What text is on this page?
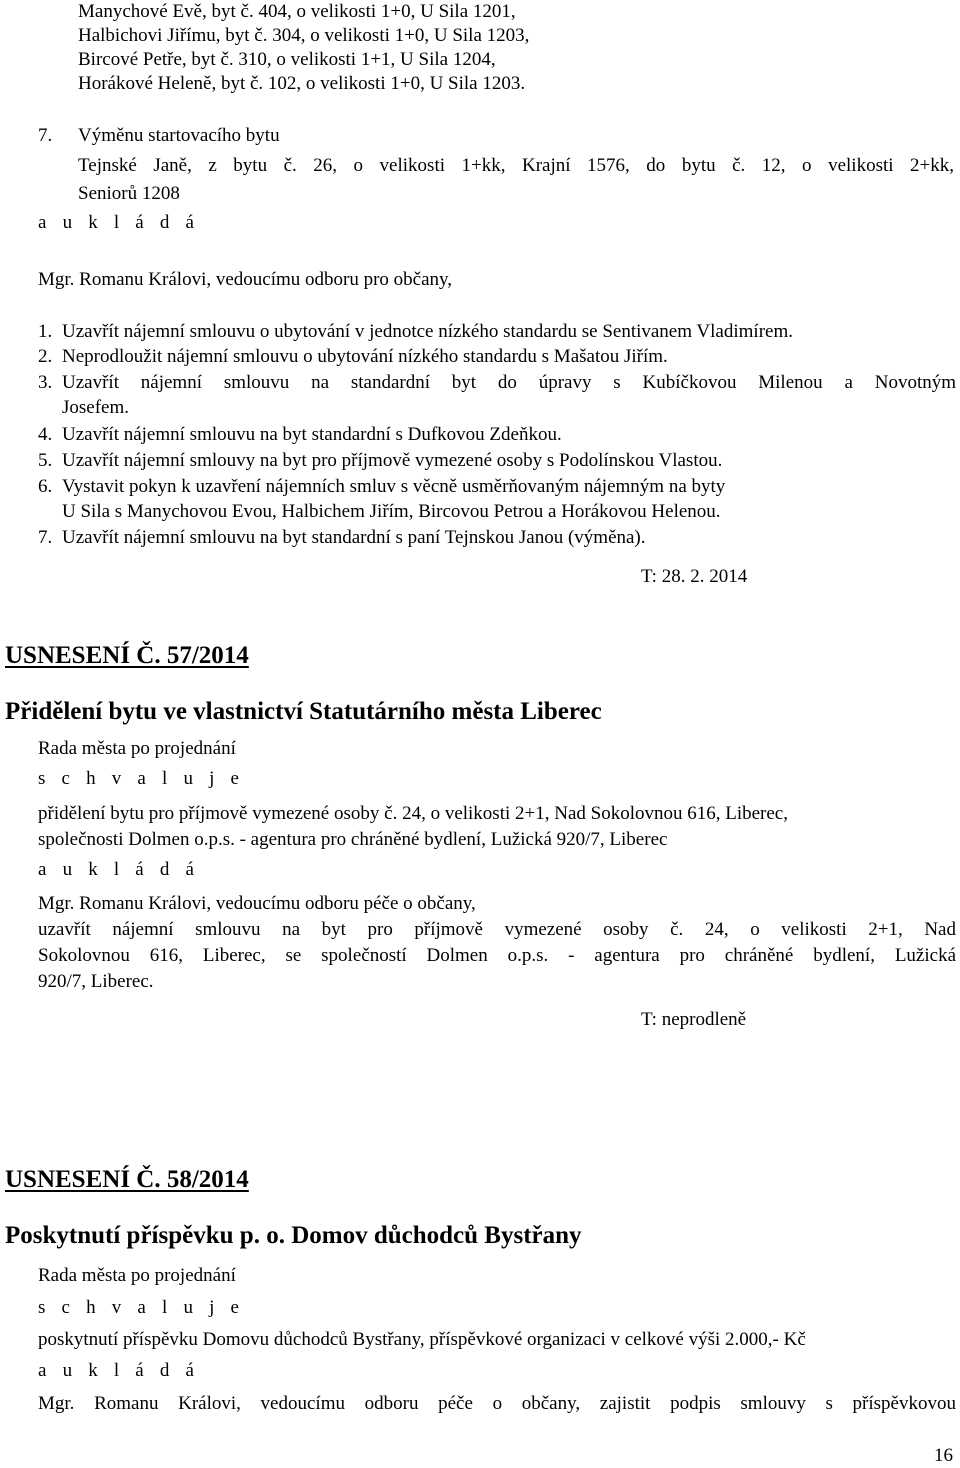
Manychové Evě, byt č. 404, o velikosti 1+0, U Sila 1201,
Halbichovi Jiřímu, byt č. 304, o velikosti 1+0, U Sila 1203,
Bircové Petře, byt č. 310, o velikosti 1+1, U Sila 1204,
Horákové Heleně, byt č. 102, o velikosti 1+0, U Sila 1203.
7. Výměnu startovacího bytu
Tejnské Janě, z bytu č. 26, o velikosti 1+kk, Krajní 1576, do bytu č. 12, o velikosti 2+kk,
Seniorů 1208
a u k l á d á
Mgr. Romanu Královi, vedoucímu odboru pro občany,
1. Uzavřít nájemní smlouvu o ubytování v jednotce nízkého standardu se Sentivanem Vladimírem.
2. Neprodloužit nájemní smlouvu o ubytování nízkého standardu s Mašatou Jiřím.
3. Uzavřít nájemní smlouvu na standardní byt do úpravy s Kubíčkovou Milenou a Novotným
Josefem.
4. Uzavřít nájemní smlouvu na byt standardní s Dufkovou Zdeňkou.
5. Uzavřít nájemní smlouvy na byt pro příjmově vymezené osoby s Podolínskou Vlastou.
6. Vystavit pokyn k uzavření nájemních smluv s věcně usměrňovaným nájemným na byty
U Sila s Manychovou Evou, Halbichem Jiřím, Bircovou Petrou a Horákovou Helenou.
7. Uzavřít nájemní smlouvu na byt standardní s paní Tejnskou Janou (výměna).
T: 28. 2. 2014
USNESENÍ Č. 57/2014
Přidělení bytu ve vlastnictví Statutárního města Liberec
Rada města po projednání
s c h v a l u j e
přidělení bytu pro příjmově vymezené osoby č. 24, o velikosti 2+1, Nad Sokolovnou 616, Liberec,
společnosti Dolmen o.p.s. - agentura pro chráněné bydlení, Lužická 920/7, Liberec
a u k l á d á
Mgr. Romanu Královi, vedoucímu odboru péče o občany,
uzavřít nájemní smlouvu na byt pro příjmově vymezené osoby č. 24, o velikosti 2+1, Nad
Sokolovnou 616, Liberec, se společností Dolmen o.p.s. - agentura pro chráněné bydlení, Lužická
920/7, Liberec.
T: neprodleně
USNESENÍ Č. 58/2014
Poskytnutí příspěvku p. o. Domov důchodců Bystřany
Rada města po projednání
s c h v a l u j e
poskytnutí příspěvku Domovu důchodců Bystřany, příspěvkové organizaci v celkové výši 2.000,- Kč
a u k l á d á
Mgr. Romanu Královi, vedoucímu odboru péče o občany, zajistit podpis smlouvy s příspěvkovou
16
